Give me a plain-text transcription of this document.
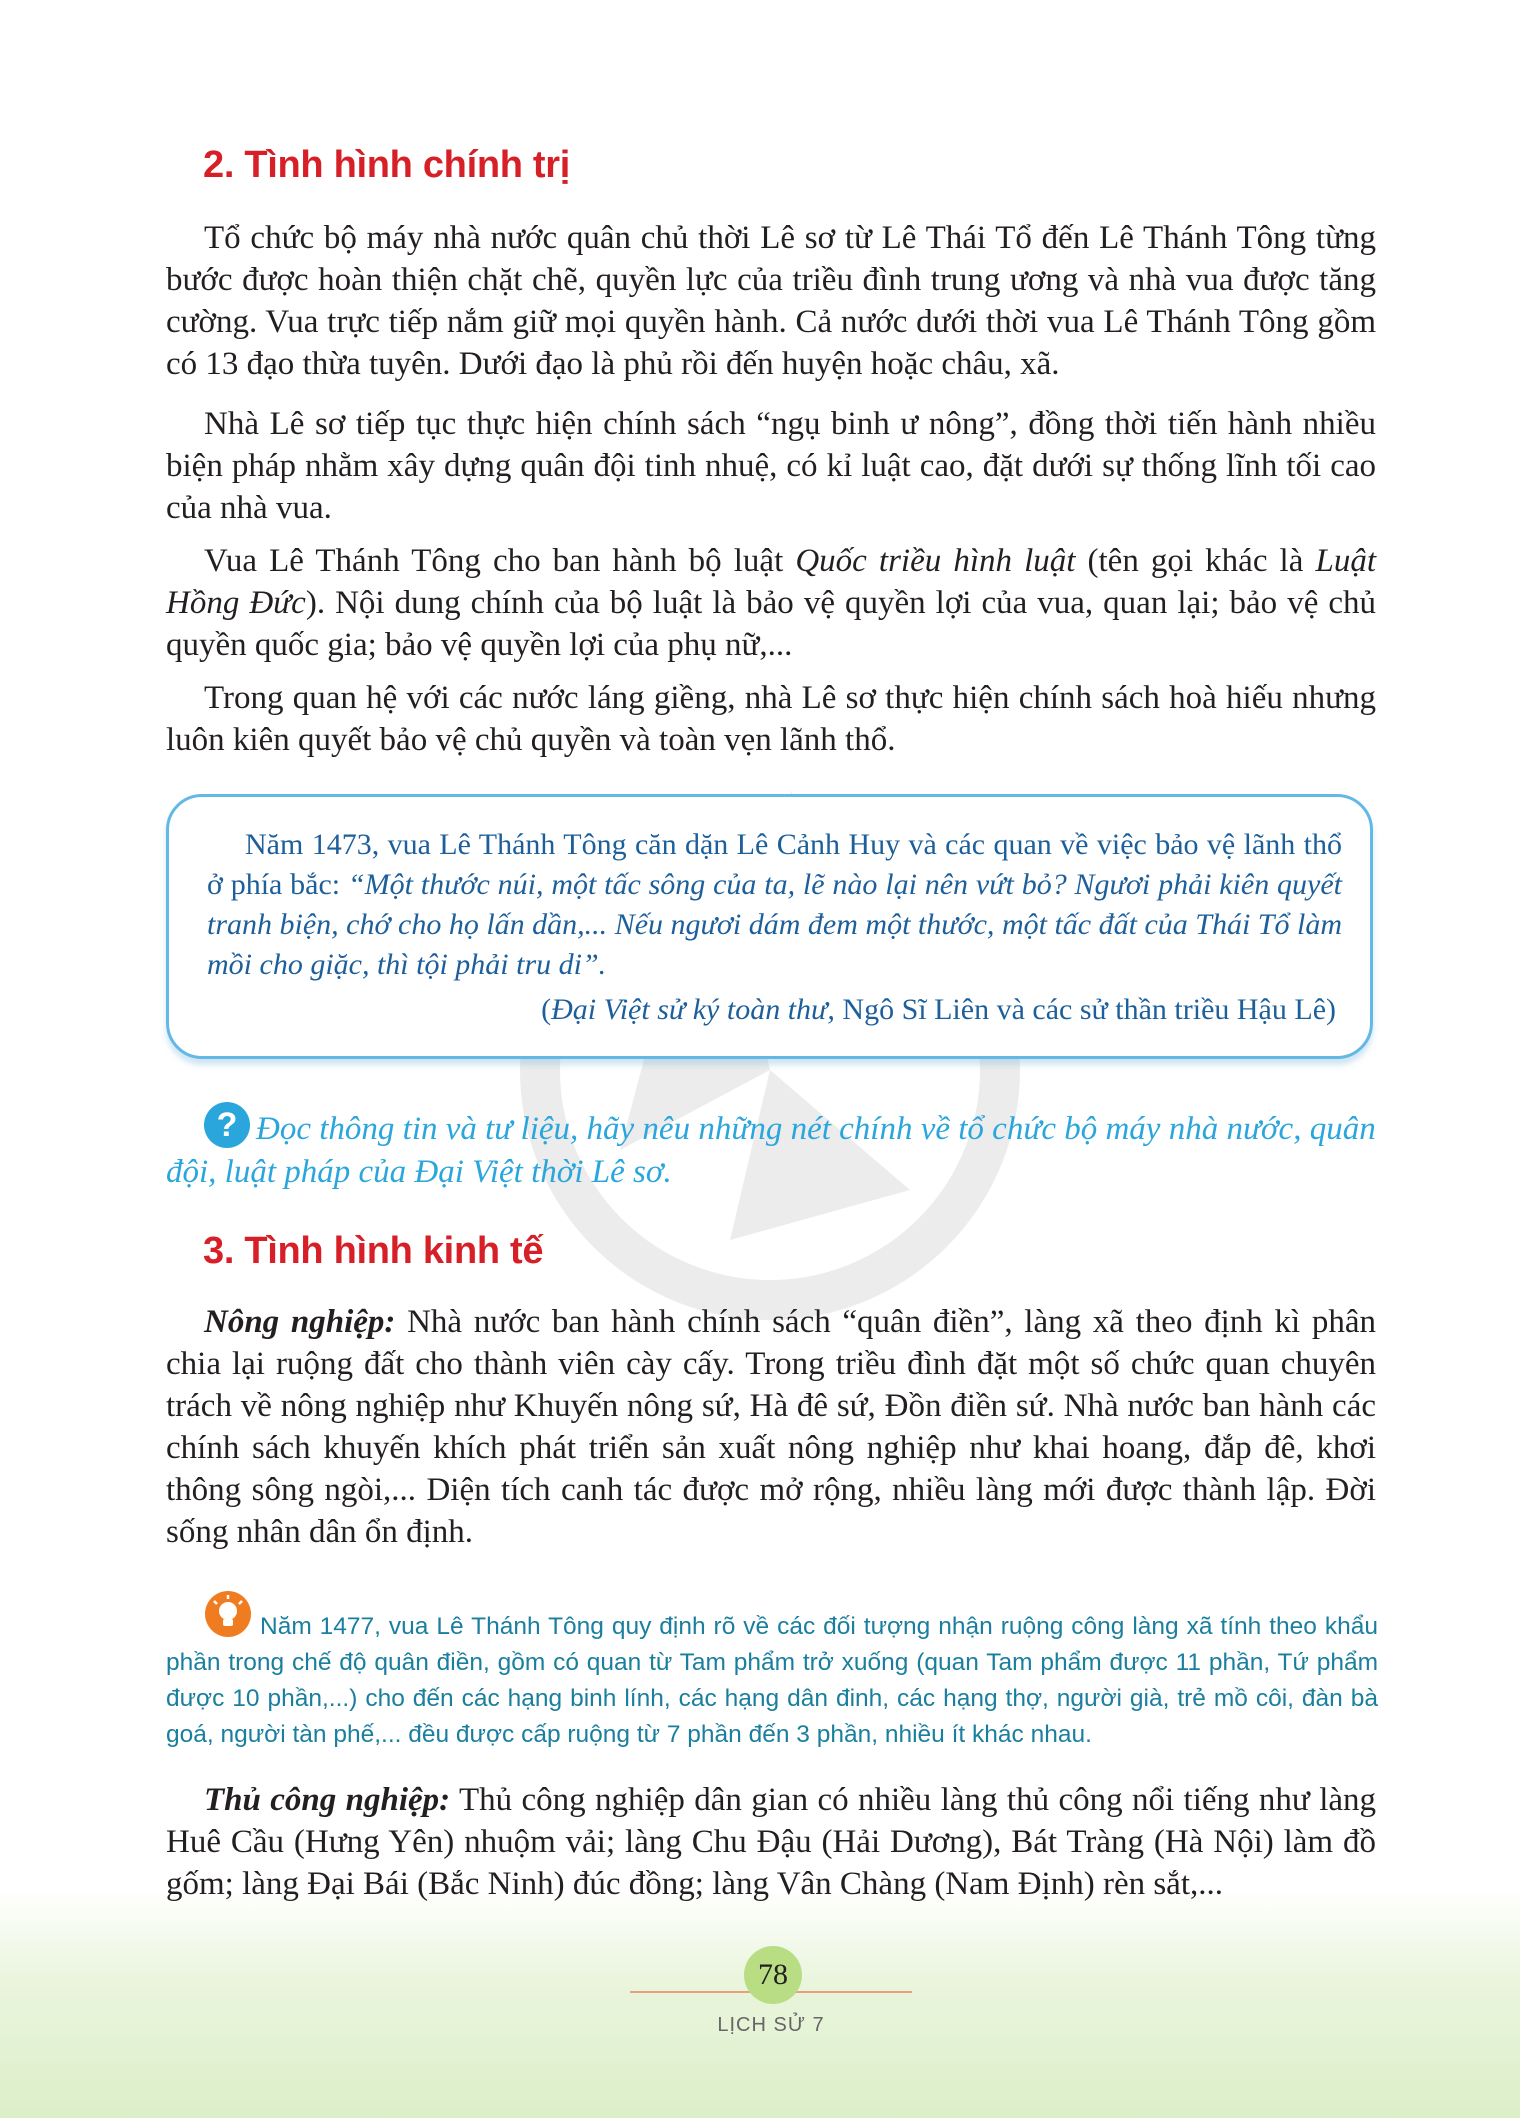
2. Tình hình chính trị

Tổ chức bộ máy nhà nước quân chủ thời Lê sơ từ Lê Thái Tổ đến Lê Thánh Tông từng bước được hoàn thiện chặt chẽ, quyền lực của triều đình trung ương và nhà vua được tăng cường. Vua trực tiếp nắm giữ mọi quyền hành. Cả nước dưới thời vua Lê Thánh Tông gồm có 13 đạo thừa tuyên. Dưới đạo là phủ rồi đến huyện hoặc châu, xã.

Nhà Lê sơ tiếp tục thực hiện chính sách “ngụ binh ư nông”, đồng thời tiến hành nhiều biện pháp nhằm xây dựng quân đội tinh nhuệ, có kỉ luật cao, đặt dưới sự thống lĩnh tối cao của nhà vua.

Vua Lê Thánh Tông cho ban hành bộ luật Quốc triều hình luật (tên gọi khác là Luật Hồng Đức). Nội dung chính của bộ luật là bảo vệ quyền lợi của vua, quan lại; bảo vệ chủ quyền quốc gia; bảo vệ quyền lợi của phụ nữ,...

Trong quan hệ với các nước láng giềng, nhà Lê sơ thực hiện chính sách hoà hiếu nhưng luôn kiên quyết bảo vệ chủ quyền và toàn vẹn lãnh thổ.

Năm 1473, vua Lê Thánh Tông căn dặn Lê Cảnh Huy và các quan về việc bảo vệ lãnh thổ ở phía bắc: “Một thước núi, một tấc sông của ta, lẽ nào lại nên vứt bỏ? Ngươi phải kiên quyết tranh biện, chớ cho họ lấn dần,... Nếu ngươi dám đem một thước, một tấc đất của Thái Tổ làm mồi cho giặc, thì tội phải tru di”.

(Đại Việt sử ký toàn thư, Ngô Sĩ Liên và các sử thần triều Hậu Lê)

? Đọc thông tin và tư liệu, hãy nêu những nét chính về tổ chức bộ máy nhà nước, quân đội, luật pháp của Đại Việt thời Lê sơ.

3. Tình hình kinh tế

Nông nghiệp: Nhà nước ban hành chính sách “quân điền”, làng xã theo định kì phân chia lại ruộng đất cho thành viên cày cấy. Trong triều đình đặt một số chức quan chuyên trách về nông nghiệp như Khuyến nông sứ, Hà đê sứ, Đồn điền sứ. Nhà nước ban hành các chính sách khuyến khích phát triển sản xuất nông nghiệp như khai hoang, đắp đê, khơi thông sông ngòi,... Diện tích canh tác được mở rộng, nhiều làng mới được thành lập. Đời sống nhân dân ổn định.

Năm 1477, vua Lê Thánh Tông quy định rõ về các đối tượng nhận ruộng công làng xã tính theo khẩu phần trong chế độ quân điền, gồm có quan từ Tam phẩm trở xuống (quan Tam phẩm được 11 phần, Tứ phẩm được 10 phần,...) cho đến các hạng binh lính, các hạng dân đinh, các hạng thợ, người già, trẻ mồ côi, đàn bà goá, người tàn phế,... đều được cấp ruộng từ 7 phần đến 3 phần, nhiều ít khác nhau.

Thủ công nghiệp: Thủ công nghiệp dân gian có nhiều làng thủ công nổi tiếng như làng Huê Cầu (Hưng Yên) nhuộm vải; làng Chu Đậu (Hải Dương), Bát Tràng (Hà Nội) làm đồ gốm; làng Đại Bái (Bắc Ninh) đúc đồng; làng Vân Chàng (Nam Định) rèn sắt,...

78
LỊCH SỬ 7
